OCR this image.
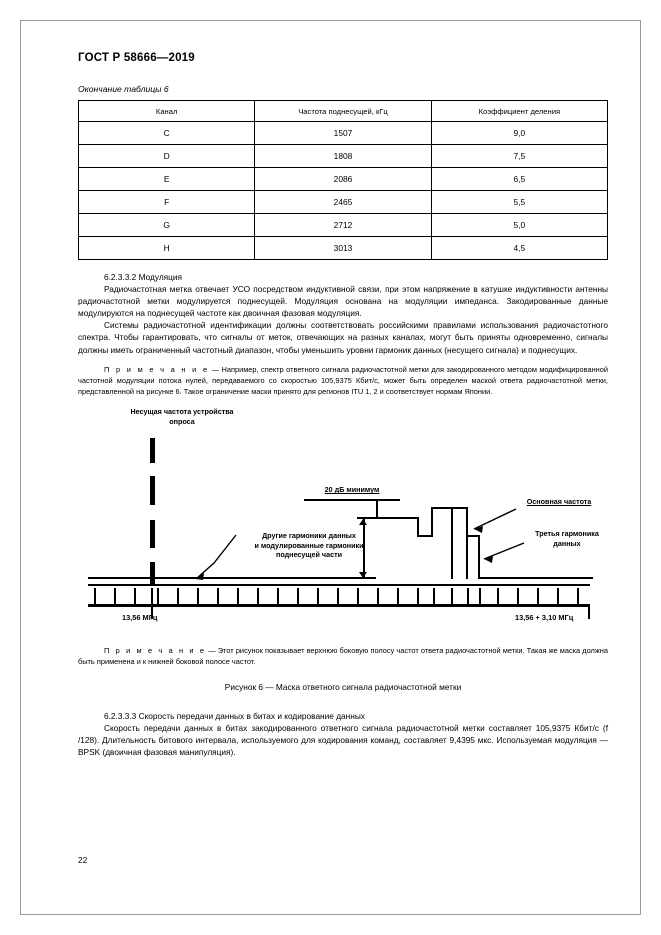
ГОСТ Р 58666—2019
Окончание таблицы 6
Канал	Частота поднесущей, кГц	Коэффициент деления
C	1507	9,0
D	1808	7,5
E	2086	6,5
F	2465	5,5
G	2712	5,0
H	3013	4,5

6.2.3.3.2 Модуляция

Радиочастотная метка отвечает УСО посредством индуктивной связи, при этом напряжение в катушке индуктивности антенны радиочастотной метки модулируется поднесущей. Модуляция основана на модуляции импеданса. Закодированные данные модулируются на поднесущей частоте как двоичная фазовая модуляция.

Системы радиочастотной идентификации должны соответствовать российскими правилами использования радиочастотного спектра. Чтобы гарантировать, что сигналы от меток, отвечающих на разных каналах, могут быть приняты одновременно, сигналы должны иметь ограниченный частотный диапазон, чтобы уменьшить уровни гармоник данных (несущего сигнала) и поднесущих.

П р и м е ч а н и е — Например, спектр ответного сигнала радиочастотной метки для закодированного методом модифицированной частотной модуляции потока нулей, передаваемого со скоростью 105,9375 Кбит/с, может быть определен маской ответа радиочастотной метки, представленной на рисунке 6. Такое ограничение маски принято для регионов ITU 1, 2 и соответствует нормам Японии.

Несущая частота устройства
опроса
20 дБ минимум
Другие гармоники данных
и модулированные гармоники
поднесущей части
Основная частота
Третья гармоника
данных
13,56 МГц	13,56 + 3,10 МГц

П р и м е ч а н и е — Этот рисунок показывает верхнюю боковую полосу частот ответа радиочастотной метки. Такая же маска должна быть применена и к нижней боковой полосе частот.

Рисунок 6 — Маска ответного сигнала радиочастотной метки

6.2.3.3.3 Скорость передачи данных в битах и кодирование данных

Скорость передачи данных в битах закодированного ответного сигнала радиочастотной метки составляет 105,9375 Кбит/с (f /128). Длительность битового интервала, используемого для кодирования команд, составляет 9,4395 мкс. Используемая модуляция — BPSK (двоичная фазовая манипуляция).

22
